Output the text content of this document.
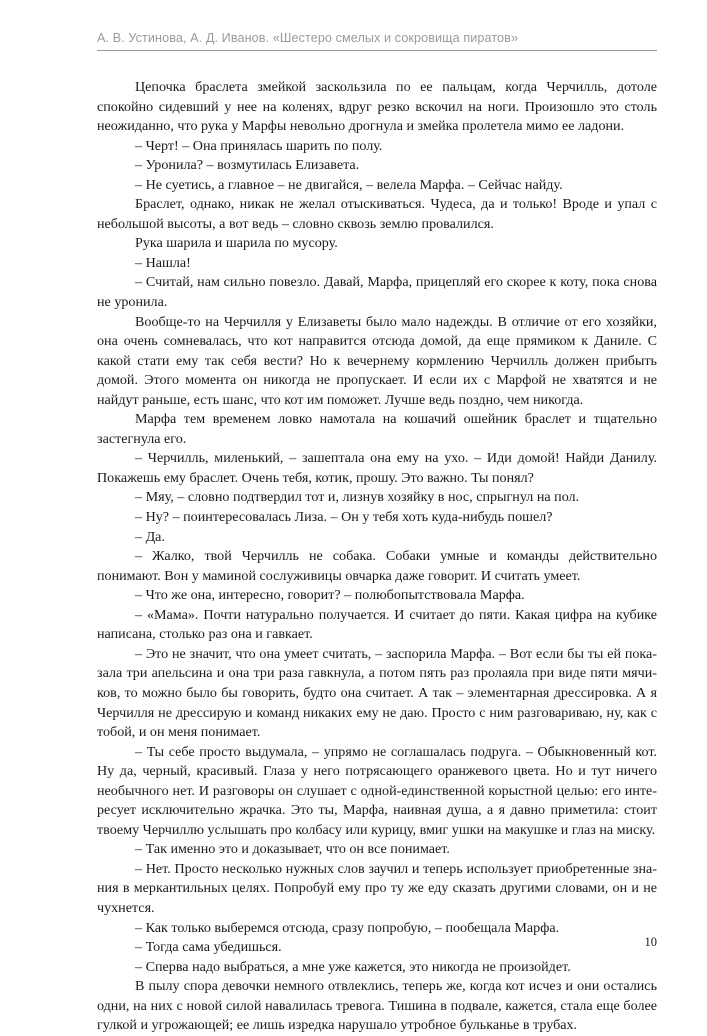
А. В. Устинова, А. Д. Иванов. «Шестеро смелых и сокровища пиратов»

Цепочка браслета змейкой заскользила по ее пальцам, когда Черчилль, дотоле спокойно сидевший у нее на коленях, вдруг резко вскочил на ноги. Произошло это столь неожиданно, что рука у Марфы невольно дрогнула и змейка пролетела мимо ее ладони.

– Черт! – Она принялась шарить по полу.

– Уронила? – возмутилась Елизавета.

– Не суетись, а главное – не двигайся, – велела Марфа. – Сейчас найду.

Браслет, однако, никак не желал отыскиваться. Чудеса, да и только! Вроде и упал с небольшой высоты, а вот ведь – словно сквозь землю провалился.

Рука шарила и шарила по мусору.

– Нашла!

– Считай, нам сильно повезло. Давай, Марфа, прицепляй его скорее к коту, пока снова не уронила.

Вообще-то на Черчилля у Елизаветы было мало надежды. В отличие от его хозяйки, она очень сомневалась, что кот направится отсюда домой, да еще прямиком к Даниле. С какой стати ему так себя вести? Но к вечернему кормлению Черчилль должен прибыть домой. Этого момента он никогда не пропускает. И если их с Марфой не хватятся и не найдут раньше, есть шанс, что кот им поможет. Лучше ведь поздно, чем никогда.

Марфа тем временем ловко намотала на кошачий ошейник браслет и тщательно застегнула его.

– Черчилль, миленький, – зашептала она ему на ухо. – Иди домой! Найди Данилу. Покажешь ему браслет. Очень тебя, котик, прошу. Это важно. Ты понял?

– Мяу, – словно подтвердил тот и, лизнув хозяйку в нос, спрыгнул на пол.

– Ну? – поинтересовалась Лиза. – Он у тебя хоть куда-нибудь пошел?

– Да.

– Жалко, твой Черчилль не собака. Собаки умные и команды действительно понимают. Вон у маминой сослуживицы овчарка даже говорит. И считать умеет.

– Что же она, интересно, говорит? – полюбопытствовала Марфа.

– «Мама». Почти натурально получается. И считает до пяти. Какая цифра на кубике написана, столько раз она и гавкает.

– Это не значит, что она умеет считать, – заспорила Марфа. – Вот если бы ты ей показала три апельсина и она три раза гавкнула, а потом пять раз пролаяла при виде пяти мячиков, то можно было бы говорить, будто она считает. А так – элементарная дрессировка. А я Черчилля не дрессирую и команд никаких ему не даю. Просто с ним разговариваю, ну, как с тобой, и он меня понимает.

– Ты себе просто выдумала, – упрямо не соглашалась подруга. – Обыкновенный кот. Ну да, черный, красивый. Глаза у него потрясающего оранжевого цвета. Но и тут ничего необычного нет. И разговоры он слушает с одной-единственной корыстной целью: его интересует исключительно жрачка. Это ты, Марфа, наивная душа, а я давно приметила: стоит твоему Черчиллю услышать про колбасу или курицу, вмиг ушки на макушке и глаз на миску.

– Так именно это и доказывает, что он все понимает.

– Нет. Просто несколько нужных слов заучил и теперь использует приобретенные знания в меркантильных целях. Попробуй ему про ту же еду сказать другими словами, он и не чухнется.

– Как только выберемся отсюда, сразу попробую, – пообещала Марфа.

– Тогда сама убедишься.

– Сперва надо выбраться, а мне уже кажется, это никогда не произойдет.

В пылу спора девочки немного отвлеклись, теперь же, когда кот исчез и они остались одни, на них с новой силой навалилась тревога. Тишина в подвале, кажется, стала еще более гулкой и угрожающей; ее лишь изредка нарушало утробное бульканье в трубах.

10
